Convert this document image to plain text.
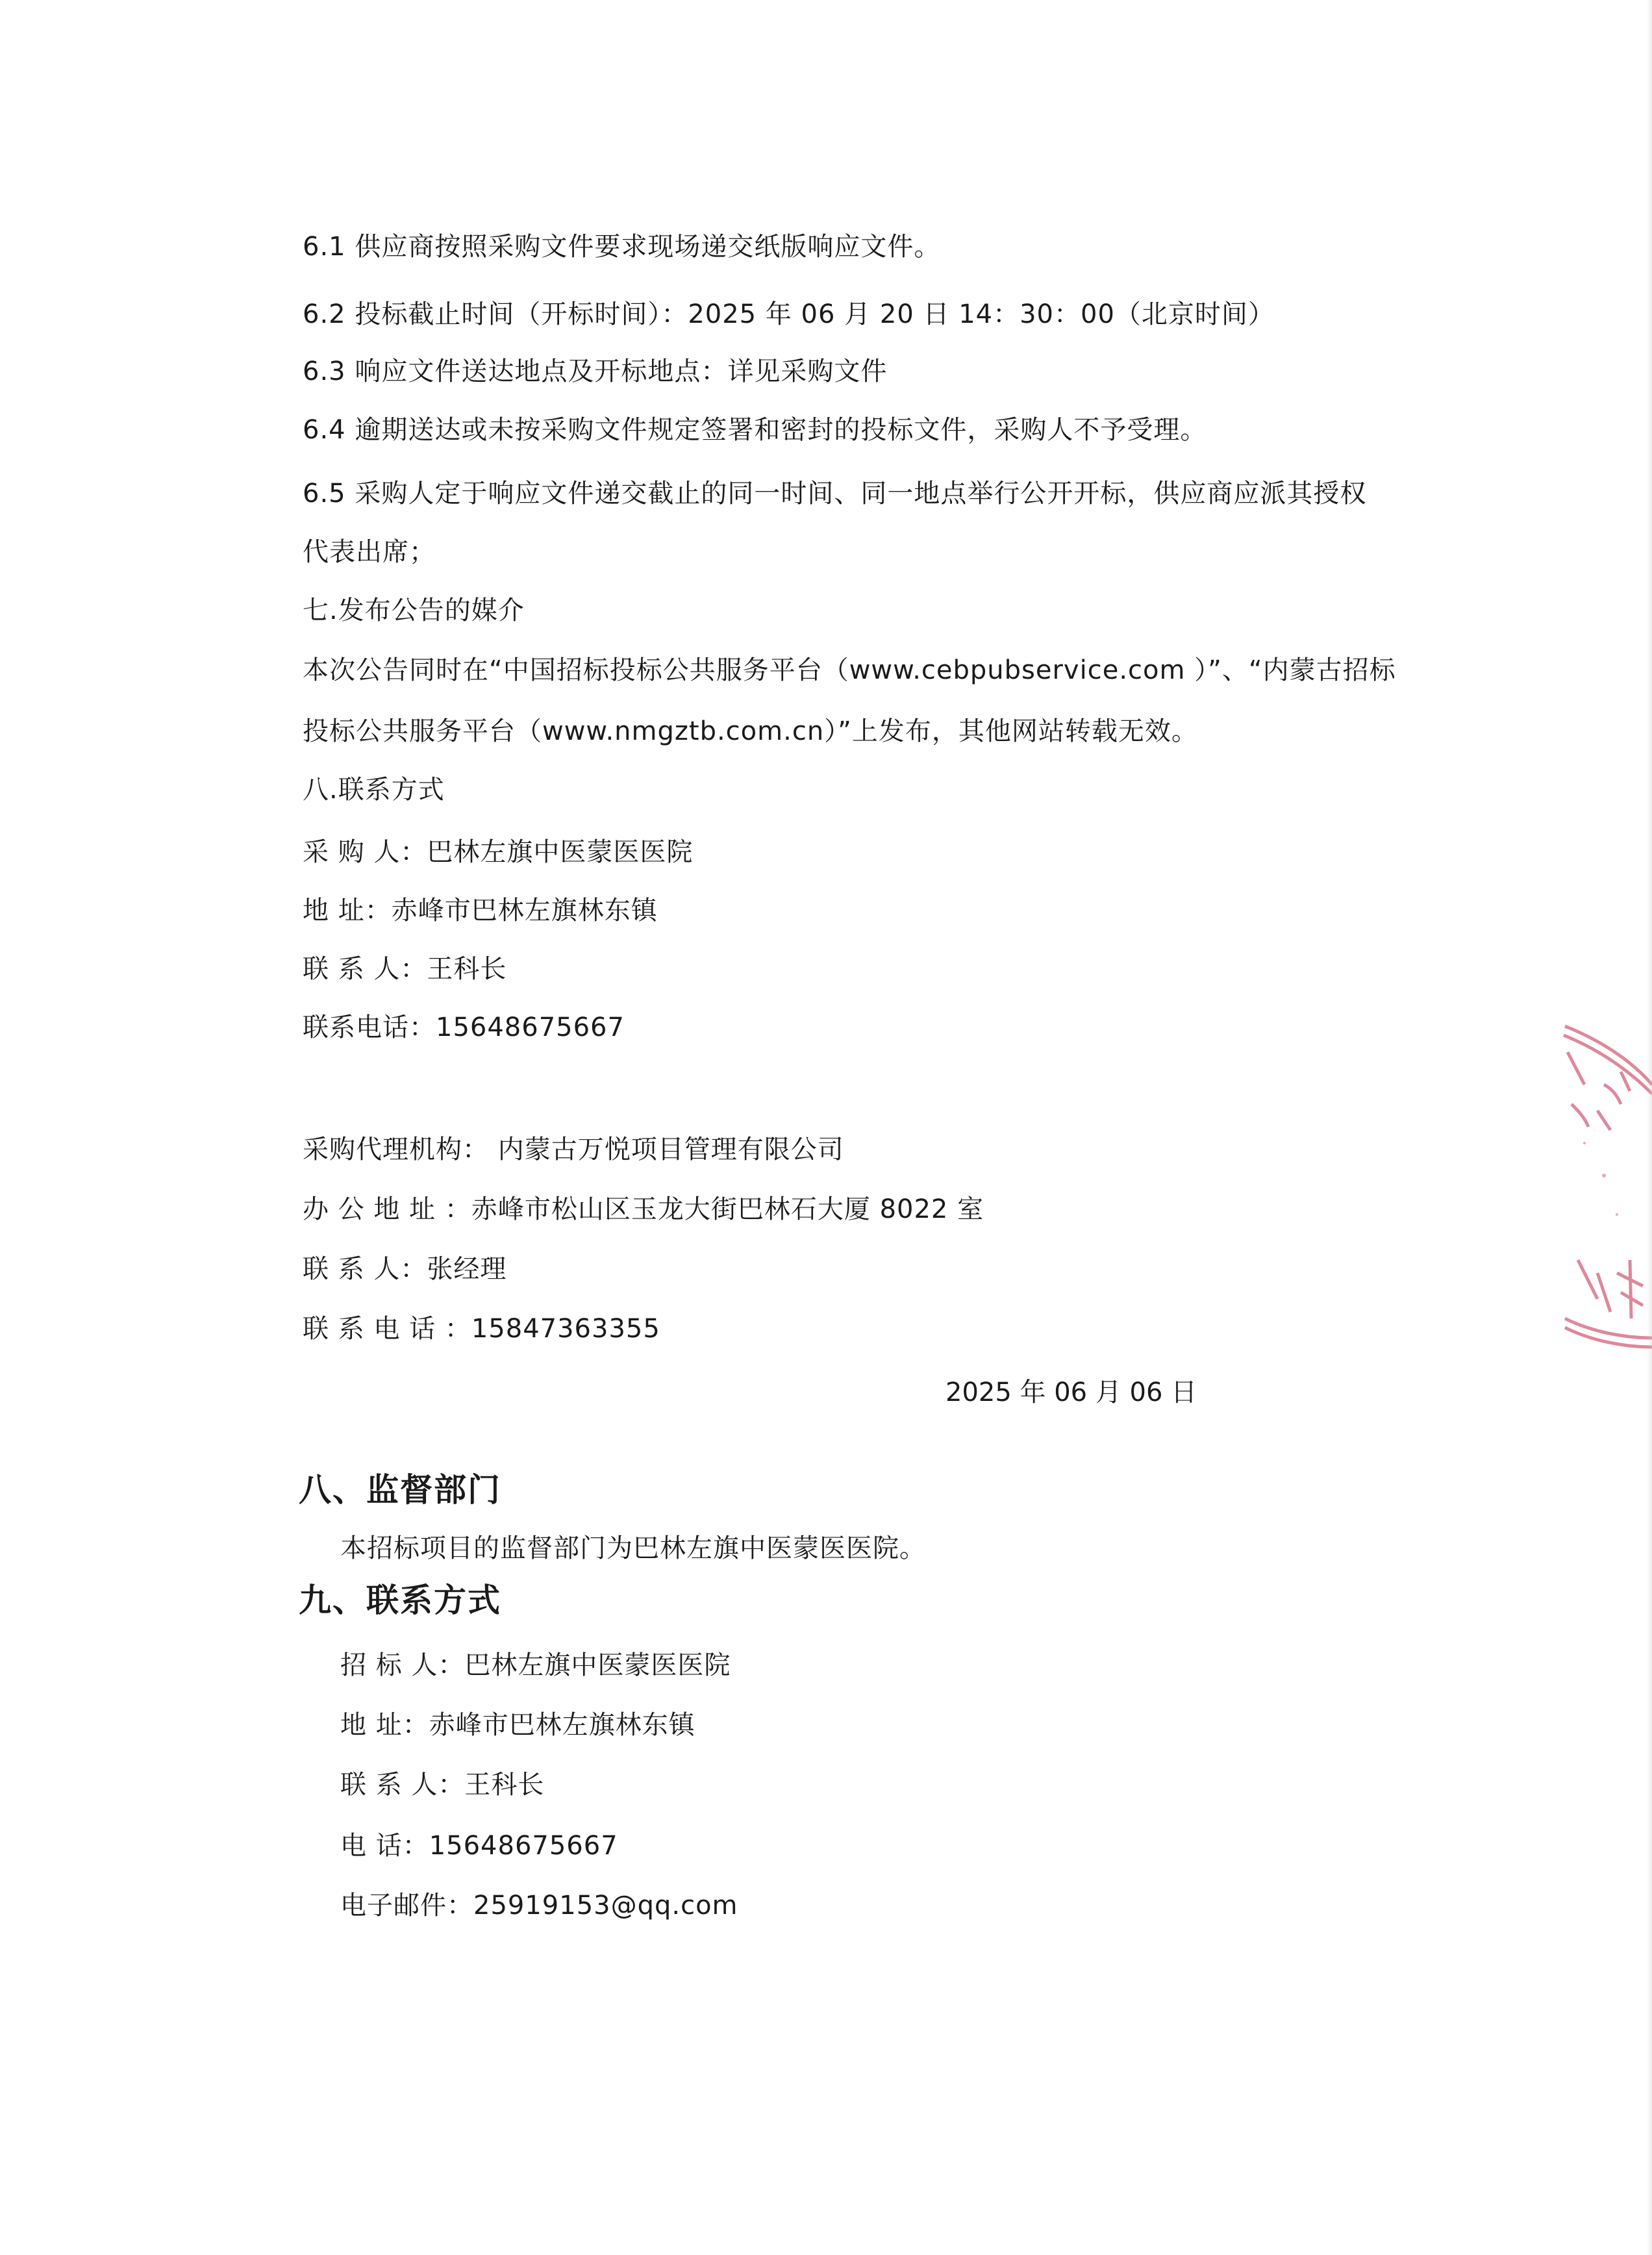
6.1 供应商按照采购文件要求现场递交纸版响应文件。
6.2 投标截止时间（开标时间）：2025 年 06 月 20 日 14：30：00（北京时间）
6.3 响应文件送达地点及开标地点：详见采购文件
6.4 逾期送达或未按采购文件规定签署和密封的投标文件，采购人不予受理。
6.5 采购人定于响应文件递交截止的同一时间、同一地点举行公开开标，供应商应派其授权
代表出席；
七.发布公告的媒介
本次公告同时在“中国招标投标公共服务平台（www.cebpubservice.com ）”、“内蒙古招标
投标公共服务平台（www.nmgztb.com.cn）”上发布，其他网站转载无效。
八.联系方式
采 购 人：巴林左旗中医蒙医医院
地 址：赤峰市巴林左旗林东镇
联 系 人：王科长
联系电话：15648675667
采购代理机构： 内蒙古万悦项目管理有限公司
办 公 地 址 ：赤峰市松山区玉龙大街巴林石大厦 8022 室
联 系 人：张经理
联 系 电 话 ：15847363355
2025 年 06 月 06 日
八、监督部门
本招标项目的监督部门为巴林左旗中医蒙医医院。
九、联系方式
招 标 人：巴林左旗中医蒙医医院
地 址：赤峰市巴林左旗林东镇
联 系 人：王科长
电 话：15648675667
电子邮件：25919153@qq.com
